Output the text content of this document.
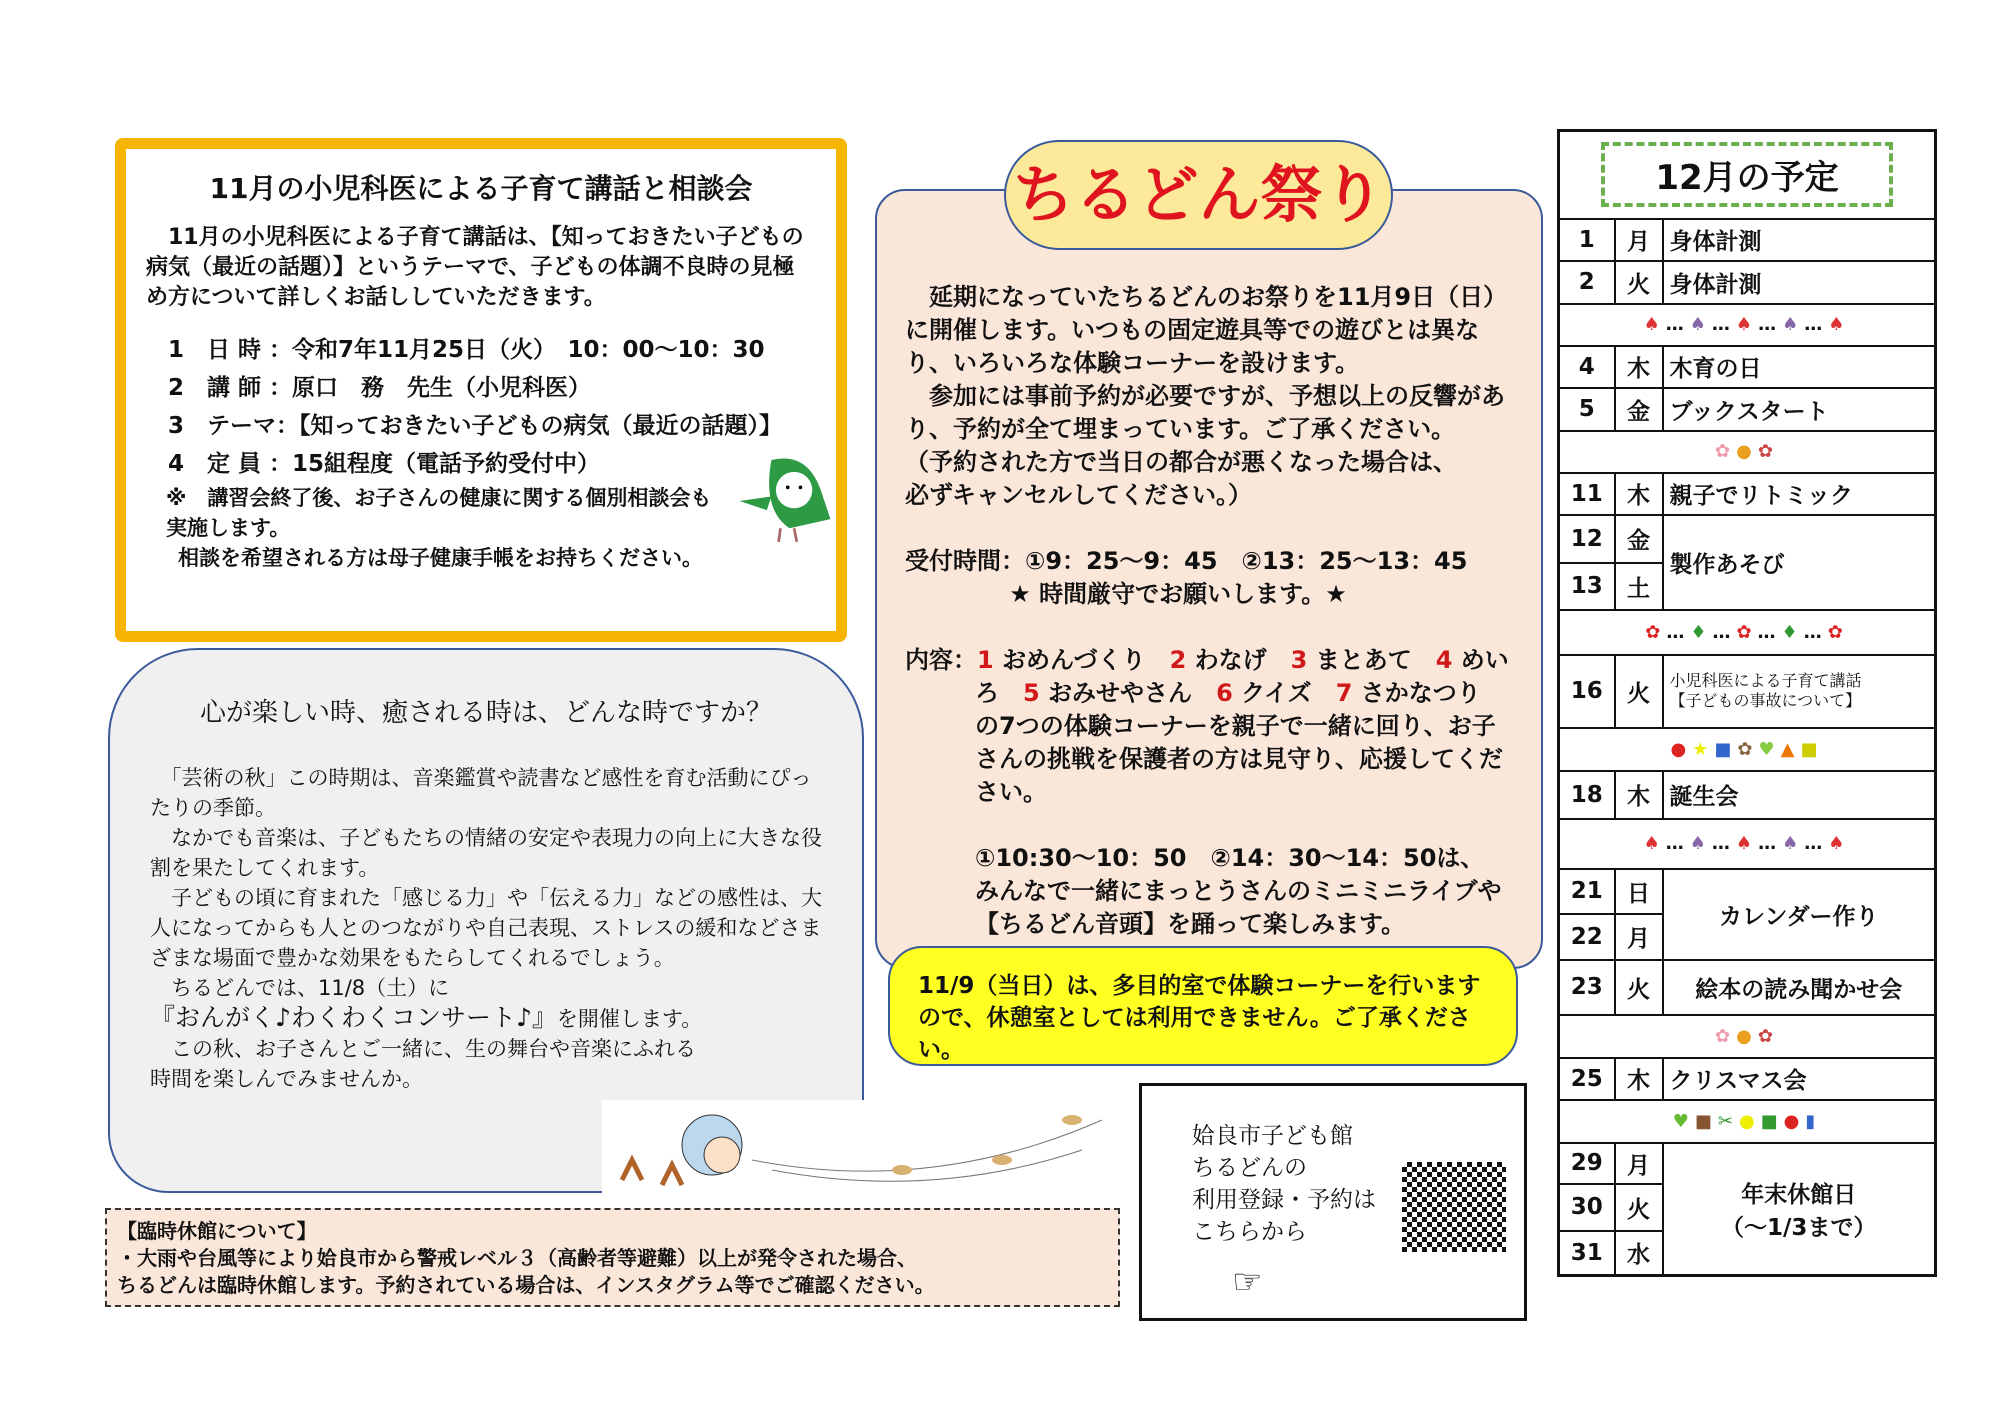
11月の小児科医による子育て講話と相談会

　11月の小児科医による子育て講話は、【知っておきたい子どもの病気（最近の話題）】というテーマで、子どもの体調不良時の見極め方について詳しくお話ししていただきます。

1　日 時 ：令和7年11月25日（火）　10：00～10：30
2　講 師 ：原口　務　先生（小児科医）
3　テーマ：【知っておきたい子どもの病気（最近の話題）】
4　定 員 ：15組程度（電話予約受付中）
※　講習会終了後、お子さんの健康に関する個別相談会も実施します。
相談を希望される方は母子健康手帳をお持ちください。
心が楽しい時、癒される時は、どんな時ですか？

　「芸術の秋」この時期は、音楽鑑賞や読書など感性を育む活動にぴったりの季節。

　なかでも音楽は、子どもたちの情緒の安定や表現力の向上に大きな役割を果たしてくれます。

　子どもの頃に育まれた「感じる力」や「伝える力」などの感性は、大人になってからも人とのつながりや自己表現、ストレスの緩和などさまざまな場面で豊かな効果をもたらしてくれるでしょう。

　ちるどんでは、11/8（土）に

『おんがく♪わくわくコンサート♪』を開催します。

　この秋、お子さんとご一緒に、生の舞台や音楽にふれる時間を楽しんでみませんか。

【臨時休館について】
・大雨や台風等により姶良市から警戒レベル３（高齢者等避難）以上が発令された場合、
ちるどんは臨時休館します。予約されている場合は、インスタグラム等でご確認ください。

　延期になっていたちるどんのお祭りを11月9日（日）に開催します。いつもの固定遊具等での遊びとは異なり、いろいろな体験コーナーを設けます。

　参加には事前予約が必要ですが、予想以上の反響があり、予約が全て埋まっています。ご了承ください。

（予約された方で当日の都合が悪くなった場合は、必ずキャンセルしてください。）

受付時間：①9：25～9：45　②13：25～13：45

★ 時間厳守でお願いします。★

内容：1 おめんづくり　 2 わなげ　 3 まとあて　 4 めいろ　 5 おみせやさん　 6 クイズ　 7 さかなつり　の7つの体験コーナーを親子で一緒に回り、お子さんの挑戦を保護者の方は見守り、応援してください。

①10:30～10：50　②14：30～14：50は、

みんなで一緒にまっとうさんのミニミニライブや【ちるどん音頭】を踊って楽しみます。

ちるどん祭り
11/9（当日）は、多目的室で体験コーナーを行いますので、休憩室としては利用できません。ご了承ください。
姶良市子ども館
ちるどんの
利用登録・予約は
こちらから
☞
12月の予定		
1	月	身体計測
2	火	身体計測
♠…♠…♠…♠…♠		
4	木	木育の日
5	金	ブックスタート
✿●✿		
11	木	親子でリトミック
12	金	製作あそび
13	土	
✿…♦…✿…♦…✿		
16	火	小児科医による子育て講話
【子どもの事故について】
●★■✿♥▲■		
18	木	誕生会
♠…♠…♠…♠…♠		
21	日	カレンダー作り
22	月	
23	火	絵本の読み聞かせ会
✿●✿		
25	木	クリスマス会
♥■✂●■●▮		
29	月	年末休館日
（～1/3まで）
30	火	
31	水	
